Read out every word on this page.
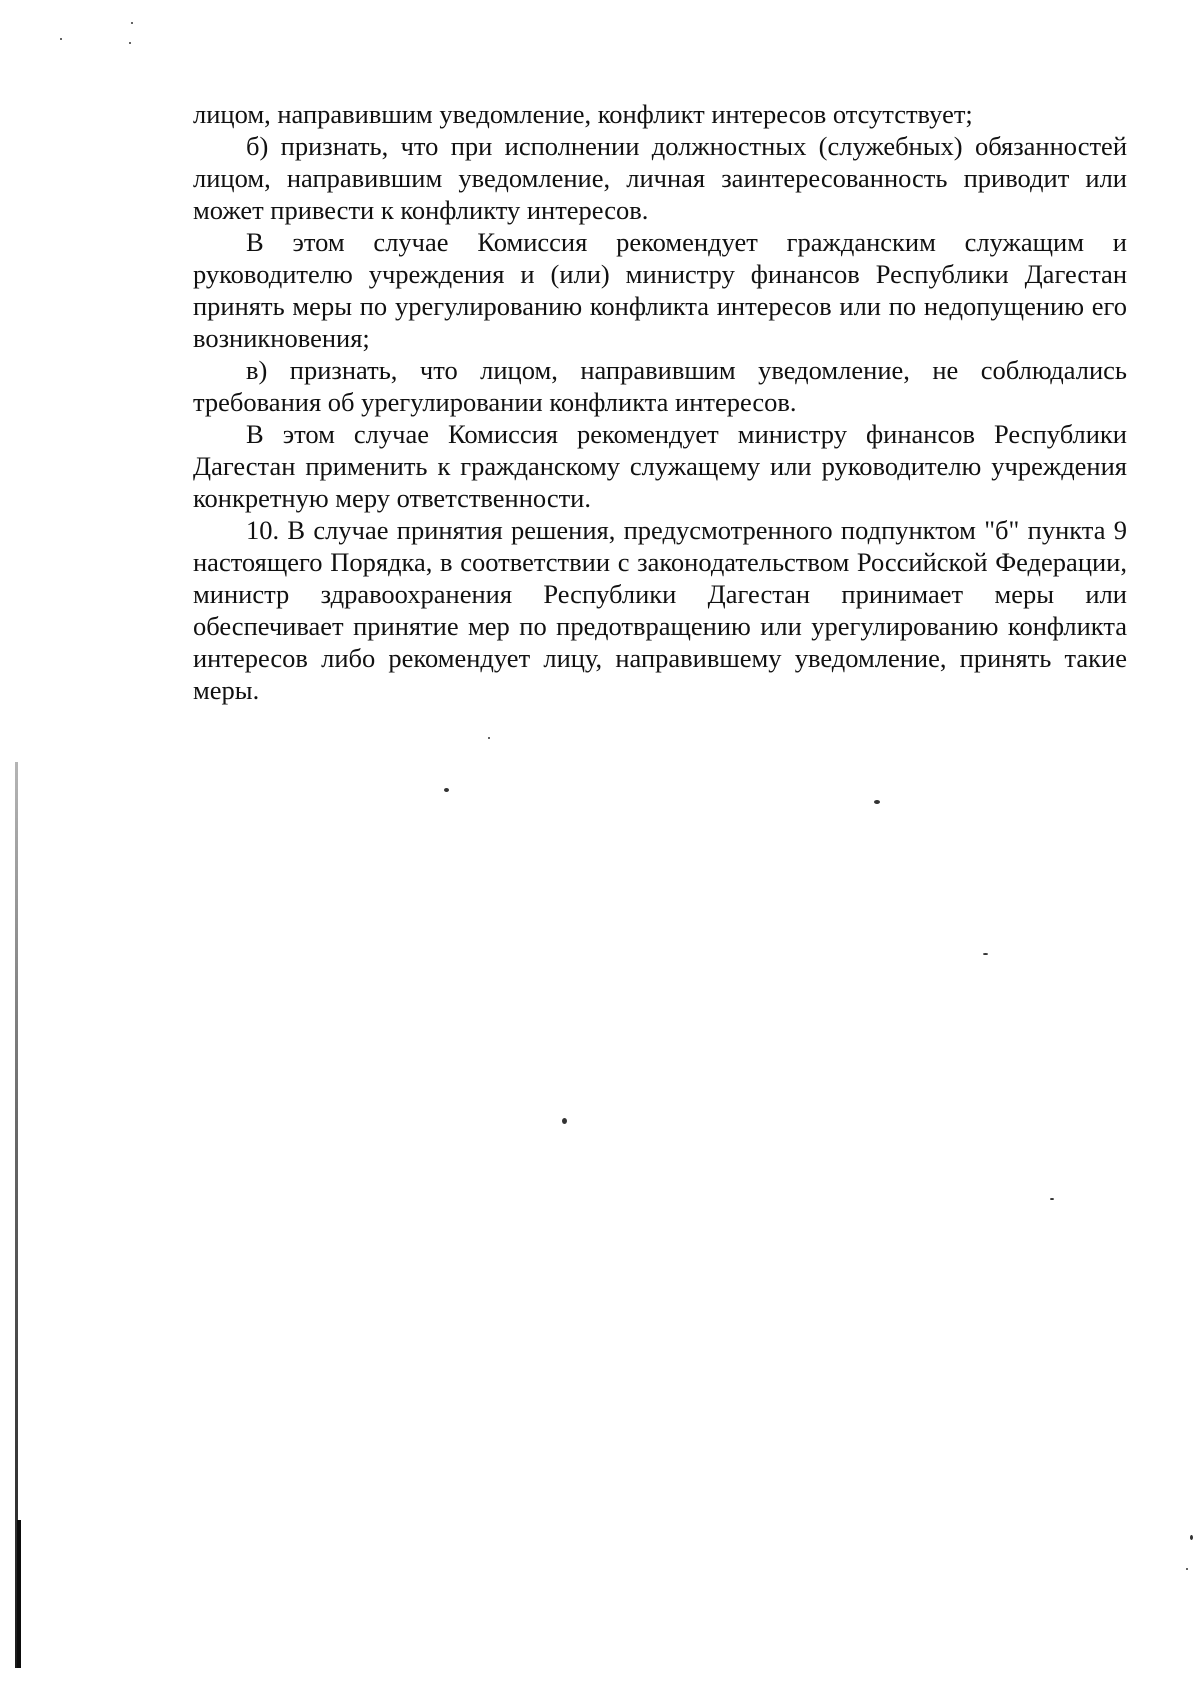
лицом, направившим уведомление, конфликт интересов отсутствует;

б) признать, что при исполнении должностных (служебных) обязанностей лицом, направившим уведомление, личная заинтересованность приводит или может привести к конфликту интересов.

В этом случае Комиссия рекомендует гражданским служащим и руководителю учреждения и (или) министру финансов Республики Дагестан принять меры по урегулированию конфликта интересов или по недопущению его возникновения;

в) признать, что лицом, направившим уведомление, не соблюдались требования об урегулировании конфликта интересов.

В этом случае Комиссия рекомендует министру финансов Республики Дагестан применить к гражданскому служащему или руководителю учреждения конкретную меру ответственности.

10. В случае принятия решения, предусмотренного подпунктом "б" пункта 9 настоящего Порядка, в соответствии с законодательством Российской Федерации, министр здравоохранения Республики Дагестан принимает меры или обеспечивает принятие мер по предотвращению или урегулированию конфликта интересов либо рекомендует лицу, направившему уведомление, принять такие меры.
